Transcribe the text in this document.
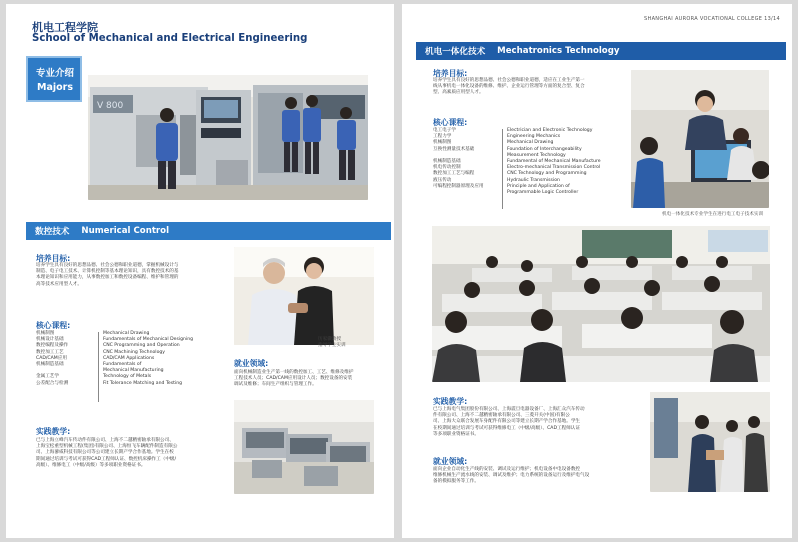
机电工程学院
School of Mechanical and Electrical Engineering
专业介绍
Majors
V 800
数控技术 Numerical Control
培养目标:
培养学生具有良好的思想品德、社会公德和职业道德，掌握机械设计与
制造、电子电工技术、计算机控制等基本理论知识，具有数控技术的基
本理论知识和应用能力，从事数控加工和数控设备编程、维护和管理的
高等技术应用型人才。
历家骥教授
指导学生实训
核心课程:
机械制图
机械设计基础
数控编程及操作
数控加工工艺
CAD/CAM应用
机械制造基础
金属工艺学
公差配合与检测
Mechanical Drawing
Fundamentals of Mechanical Designing
CNC Programming and Operation
CNC Machining Technology
CAD/CAM Applications
Fundamentals of
Mechanical Manufacturing
Technology of Metals
Fit Tolerance Matching and Testing
就业领域:
面向机械制造业生产第一线的数控加工、工艺、维修及维护
工程技术人员；CAD/CAM应用设计人员；数控设备的安装
调试及维修；车间生产组织与管理工作。
实践教学:
已与上海立峰汽车传动件有限公司、上海不二越精密轴承有限公司、
上海宝松重型机械工程(集团)有限公司、上海恒飞车辆配件制造有限公
司、上海蓼威科技有限公司等公司建立长期产学合作基地。学生在校
期间通过培训与考试可获得CAD工程师认证、数控机床操作工（中级/
高级）、维修电工（中级/高级）等多项职业资格证书。
SHANGHAI AURORA VOCATIONAL COLLEGE 13/14
机电一体化技术 Mechatronics Technology
培养目标:
培养学生具有良好的思想品德、社会公德和职业道德，适应在工业生产第一
线从事机电一体化设备的维修、维护、企业运行管理等方面的复合型、复合
型、高素质应用型人才。
核心课程:
电工电子学
工程力学
机械制图
互换性测量技术基础
机械制造基础
机电传动控制
数控加工工艺与编程
液压传动
可编程控制器原理及应用
Electrician and Electronic Technology
Engineering Mechanics
Mechanical Drawing
Foundation of Interchangeability
Measurement Technology
Fundamental of Mechanical Manufacture
Electro-mechanical Transmission Control
CNC Technology and Programming
Hydraulic Transmission
Principle and Application of
Programmable Logic Controller
机电一体化技术专业学生在进行电工电子技术实训
实践教学:
已与上海电气集团股份有限公司、上海震旦电器设备厂、上海汇众汽车传动
件有限公司、上海不二越精密轴承有限公司、三菱开关(中国)有限公
司、上海大众联合发展车身配件有限公司等建立长期产学合作基地。学生
在校期间通过培训与考试可获得维修电工（中级/高级）、CAD工程师认证
等多项职业资格证书。
就业领域:
面向企业自动化生产线的安装、调试及运行维护；机电设备中电设备数控
维修机械生产流水线的安装、调试及维护；电力系统的设备运行及维护电气设
备的模拟服务等工作。
